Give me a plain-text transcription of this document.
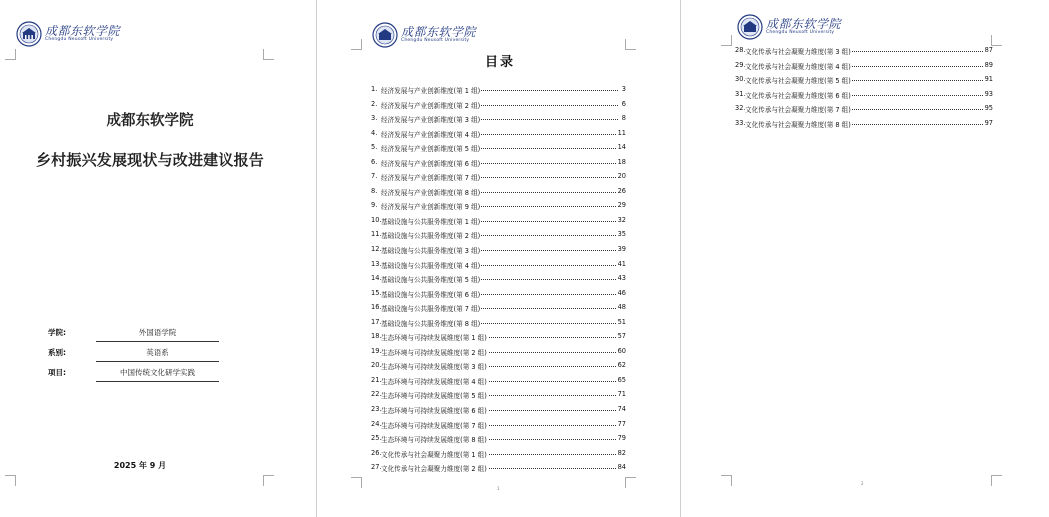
成都东软学院
Chengdu Neusoft University
成都东软学院
乡村振兴发展现状与改进建议报告
学院:	外国语学院
系别:	英语系
项目:	中国传统文化研学实践
2025 年 9 月
成都东软学院
Chengdu Neusoft University
1
目录
1. 经济发展与产业创新维度(第 1 组)	3
2. 经济发展与产业创新维度(第 2 组)	6
3. 经济发展与产业创新维度(第 3 组)	8
4. 经济发展与产业创新维度(第 4 组)	11
5. 经济发展与产业创新维度(第 5 组)	14
6. 经济发展与产业创新维度(第 6 组)	18
7. 经济发展与产业创新维度(第 7 组)	20
8. 经济发展与产业创新维度(第 8 组)	26
9. 经济发展与产业创新维度(第 9 组)	29
10. 基础设施与公共服务维度(第 1 组)	32
11. 基础设施与公共服务维度(第 2 组)	35
12. 基础设施与公共服务维度(第 3 组)	39
13. 基础设施与公共服务维度(第 4 组)	41
14. 基础设施与公共服务维度(第 5 组)	43
15. 基础设施与公共服务维度(第 6 组)	46
16. 基础设施与公共服务维度(第 7 组)	48
17. 基础设施与公共服务维度(第 8 组)	51
18. 生态环境与可持续发展维度(第 1 组)	57
19. 生态环境与可持续发展维度(第 2 组)	60
20. 生态环境与可持续发展维度(第 3 组)	62
21. 生态环境与可持续发展维度(第 4 组)	65
22. 生态环境与可持续发展维度(第 5 组)	71
23. 生态环境与可持续发展维度(第 6 组)	74
24. 生态环境与可持续发展维度(第 7 组)	77
25. 生态环境与可持续发展维度(第 8 组)	79
26. 文化传承与社会凝聚力维度(第 1 组)	82
27. 文化传承与社会凝聚力维度(第 2 组)	84
成都东软学院
Chengdu Neusoft University
2
28. 文化传承与社会凝聚力维度(第 3 组)	87
29. 文化传承与社会凝聚力维度(第 4 组)	89
30. 文化传承与社会凝聚力维度(第 5 组)	91
31. 文化传承与社会凝聚力维度(第 6 组)	93
32. 文化传承与社会凝聚力维度(第 7 组)	95
33. 文化传承与社会凝聚力维度(第 8 组)	97
